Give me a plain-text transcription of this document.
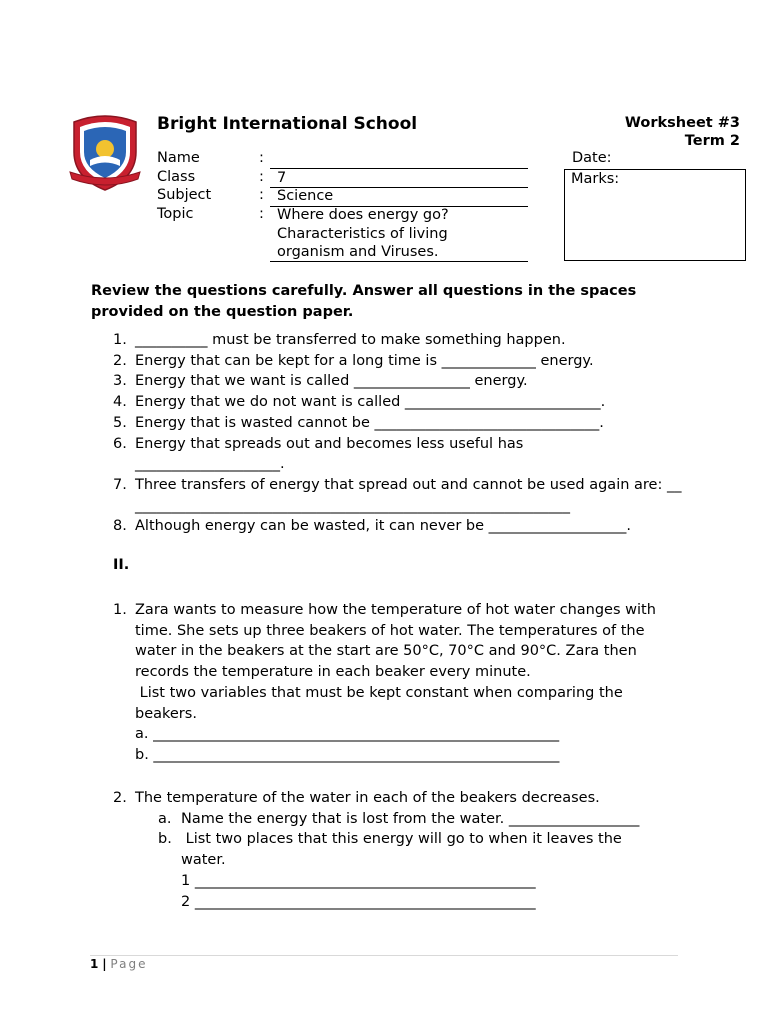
Bright International School	Worksheet #3
Term 2
Name	:
Class	: 7
Subject	: Science
Topic	: Where does energy go?
Characteristics of living
organism and Viruses.
Date:
Marks:
Review the questions carefully. Answer all questions in the spaces provided on the question paper.
1. __________ must be transferred to make something happen.
2. Energy that can be kept for a long time is _____________ energy.
3. Energy that we want is called ________________ energy.
4. Energy that we do not want is called ___________________________.
5. Energy that is wasted cannot be _______________________________.
6. Energy that spreads out and becomes less useful has ____________________.
7. Three transfers of energy that spread out and cannot be used again are: ______________________________________________________________
8. Although energy can be wasted, it can never be ___________________.
II.
1. Zara wants to measure how the temperature of hot water changes with time. She sets up three beakers of hot water. The temperatures of the water in the beakers at the start are 50°C, 70°C and 90°C. Zara then records the temperature in each beaker every minute.
List two variables that must be kept constant when comparing the beakers.
a. ________________________________________________________
b. ________________________________________________________
2. The temperature of the water in each of the beakers decreases.
a. Name the energy that is lost from the water. __________________
b. List two places that this energy will go to when it leaves the water.
1 _______________________________________________
2 _______________________________________________
1 | Page
